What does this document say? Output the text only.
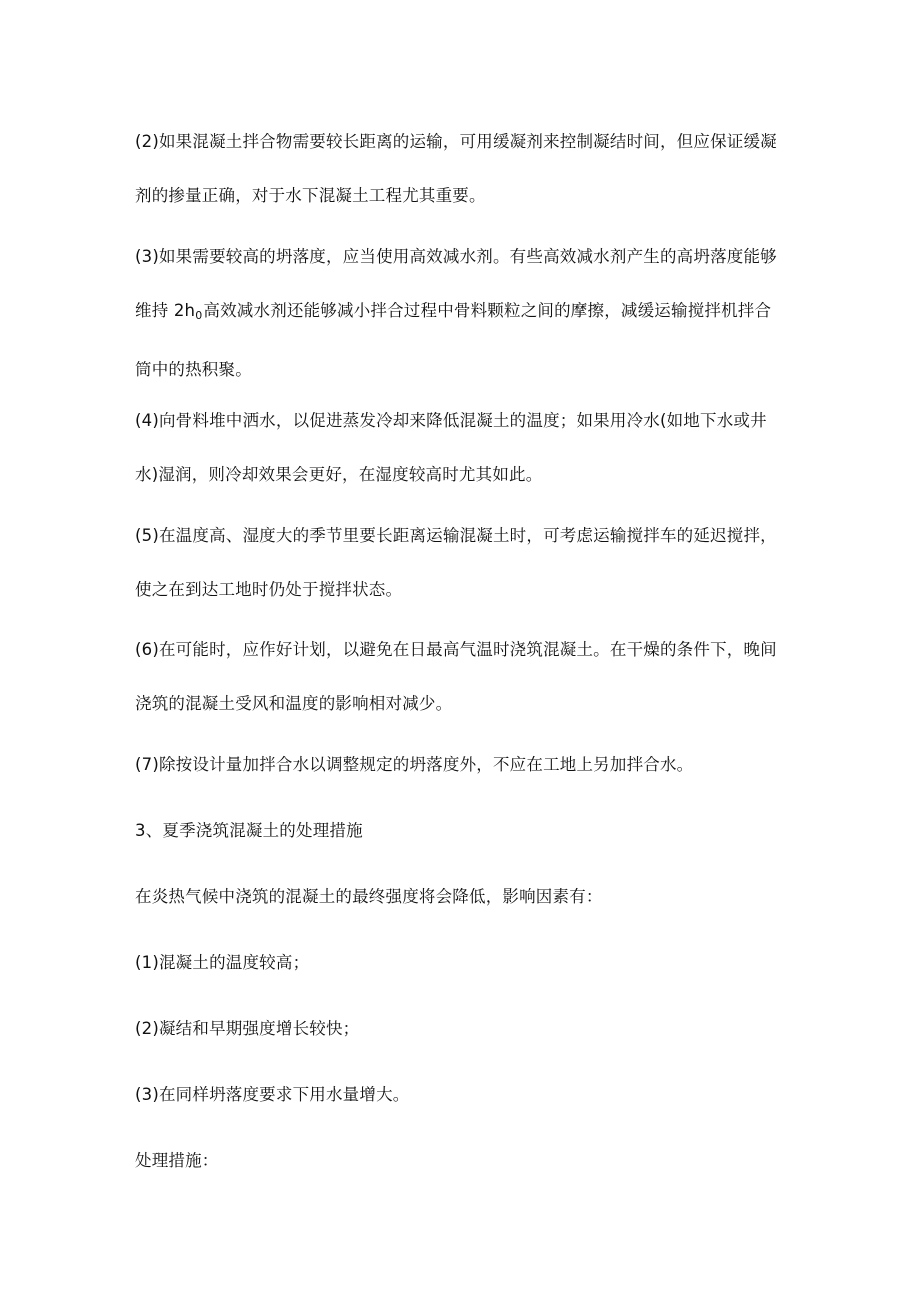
(2)如果混凝土拌合物需要较长距离的运输，可用缓凝剂来控制凝结时间，但应保证缓凝
剂的掺量正确，对于水下混凝土工程尤其重要。

(3)如果需要较高的坍落度，应当使用高效减水剂。有些高效减水剂产生的高坍落度能够
维持 $2h_0$高效减水剂还能够减小拌合过程中骨料颗粒之间的摩擦，减缓运输搅拌机拌合
筒中的热积聚。

(4)向骨料堆中洒水，以促进蒸发冷却来降低混凝土的温度；如果用冷水(如地下水或井
水)湿润，则冷却效果会更好，在湿度较高时尤其如此。

(5)在温度高、湿度大的季节里要长距离运输混凝土时，可考虑运输搅拌车的延迟搅拌，
使之在到达工地时仍处于搅拌状态。

(6)在可能时，应作好计划，以避免在日最高气温时浇筑混凝土。在干燥的条件下，晚间
浇筑的混凝土受风和温度的影响相对减少。

(7)除按设计量加拌合水以调整规定的坍落度外，不应在工地上另加拌合水。

3、夏季浇筑混凝土的处理措施

在炎热气候中浇筑的混凝土的最终强度将会降低，影响因素有：

(1)混凝土的温度较高；

(2)凝结和早期强度增长较快；

(3)在同样坍落度要求下用水量增大。

处理措施：
